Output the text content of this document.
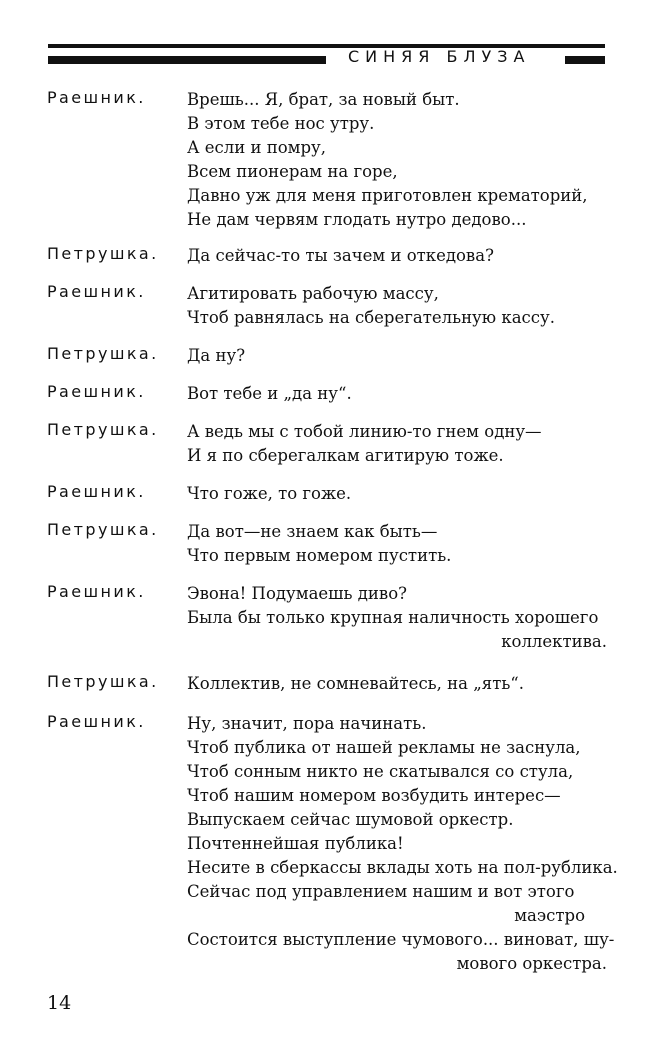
СИНЯЯ БЛУЗА
Раешник.	Врешь... Я, брат, за новый быт.
В этом тебе нос утру.
А если и помру,
Всем пионерам на горе,
Давно уж для меня приготовлен крематорий,
Не дам червям глодать нутро дедово...
Петрушка. Да сейчас-то ты зачем и откедова?
Раешник.	Агитировать рабочую массу,
Чтоб равнялась на сберегательную кассу.
Петрушка. Да ну?
Раешник.	Вот тебе и „да ну“.
Петрушка. А ведь мы с тобой линию-то гнем одну—
И я по сберегалкам агитирую тоже.
Раешник.	Что гоже, то гоже.
Петрушка. Да вот—не знаем как быть—
Что первым номером пустить.
Раешник.	Эвона! Подумаешь диво?
Была бы только крупная наличность хорошего
коллектива.
Петрушка. Коллектив, не сомневайтесь, на „ять“.
Раешник.	Ну, значит, пора начинать.
Чтоб публика от нашей рекламы не заснула,
Чтоб сонным никто не скатывался со стула,
Чтоб нашим номером возбудить интерес—
Выпускаем сейчас шумовой оркестр.
Почтеннейшая публика!
Несите в сберкассы вклады хоть на пол-рублика.
Сейчас под управлением нашим и вот этого
маэстро
Состоится выступление чумового... виноват, шу-
мового оркестра.
14
